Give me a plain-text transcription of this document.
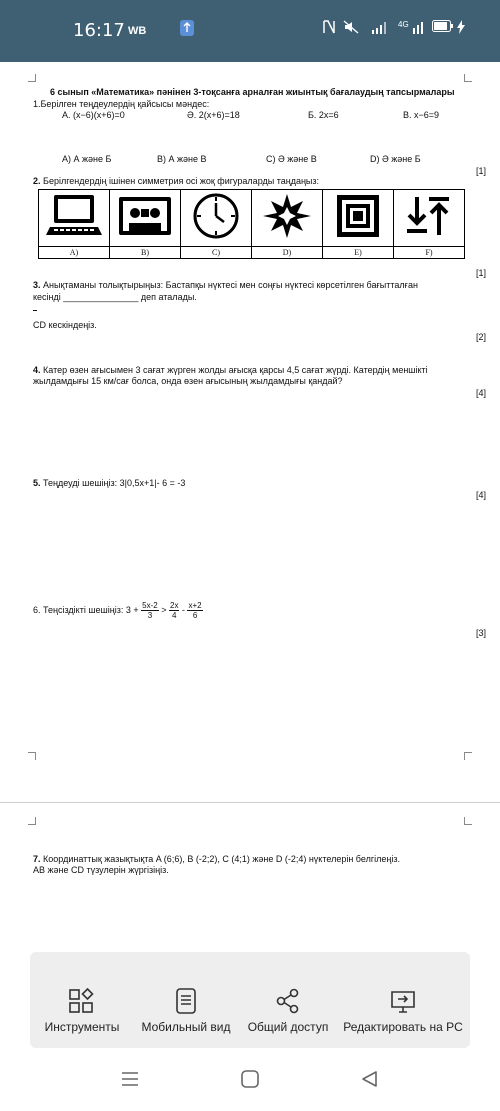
16:17 WB
4G
6 сынып «Математика» пәнінен 3-тоқсанға арналған жиынтық бағалаудың тапсырмалары
1.Берілген теңдеулердің қайсысы мәндес:
А. (x−6)(x+6)=0	Ә. 2(x+6)=18	Б. 2x=6	В. x−6=9
А) А және Б	В) А және В	С) Ә және В	D) Ә және Б
[1]
2. Берілгендердің ішінен симметрия осі жоқ фигураларды таңдаңыз:

A)	B)	C)	D)	E)	F)
[1]
3. Анықтаманы толықтырыңыз: Бастапқы нүктесі мен соңғы нүктесі көрсетілген бағытталған
кесінді _______________ деп аталады.
CD кескіндеңіз.
[2]
4. Катер өзен ағысымен 3 сағат жүрген жолды ағысқа қарсы 4,5 сағат жүрді. Катердің меншікті
жылдамдығы 15 км/сағ болса, онда өзен ағысының жылдамдығы қандай?
[4]
5. Теңдеуді шешіңіз: 3|0,5x+1|- 6 = -3
[4]
6. Теңсіздікті шешіңіз: $3 + \frac{5x-2}{3} > \frac{2x}{4} - \frac{x+2}{6}$
[3]
7. Координаттық жазықтықта A (6;6), B (-2;2), C (4;1) және D (-2;4) нүктелерін белгілеңіз.
AB және CD түзулерін жүргізіңіз.
Инструменты	Мобильный вид	Общий доступ	Редактировать на PC
